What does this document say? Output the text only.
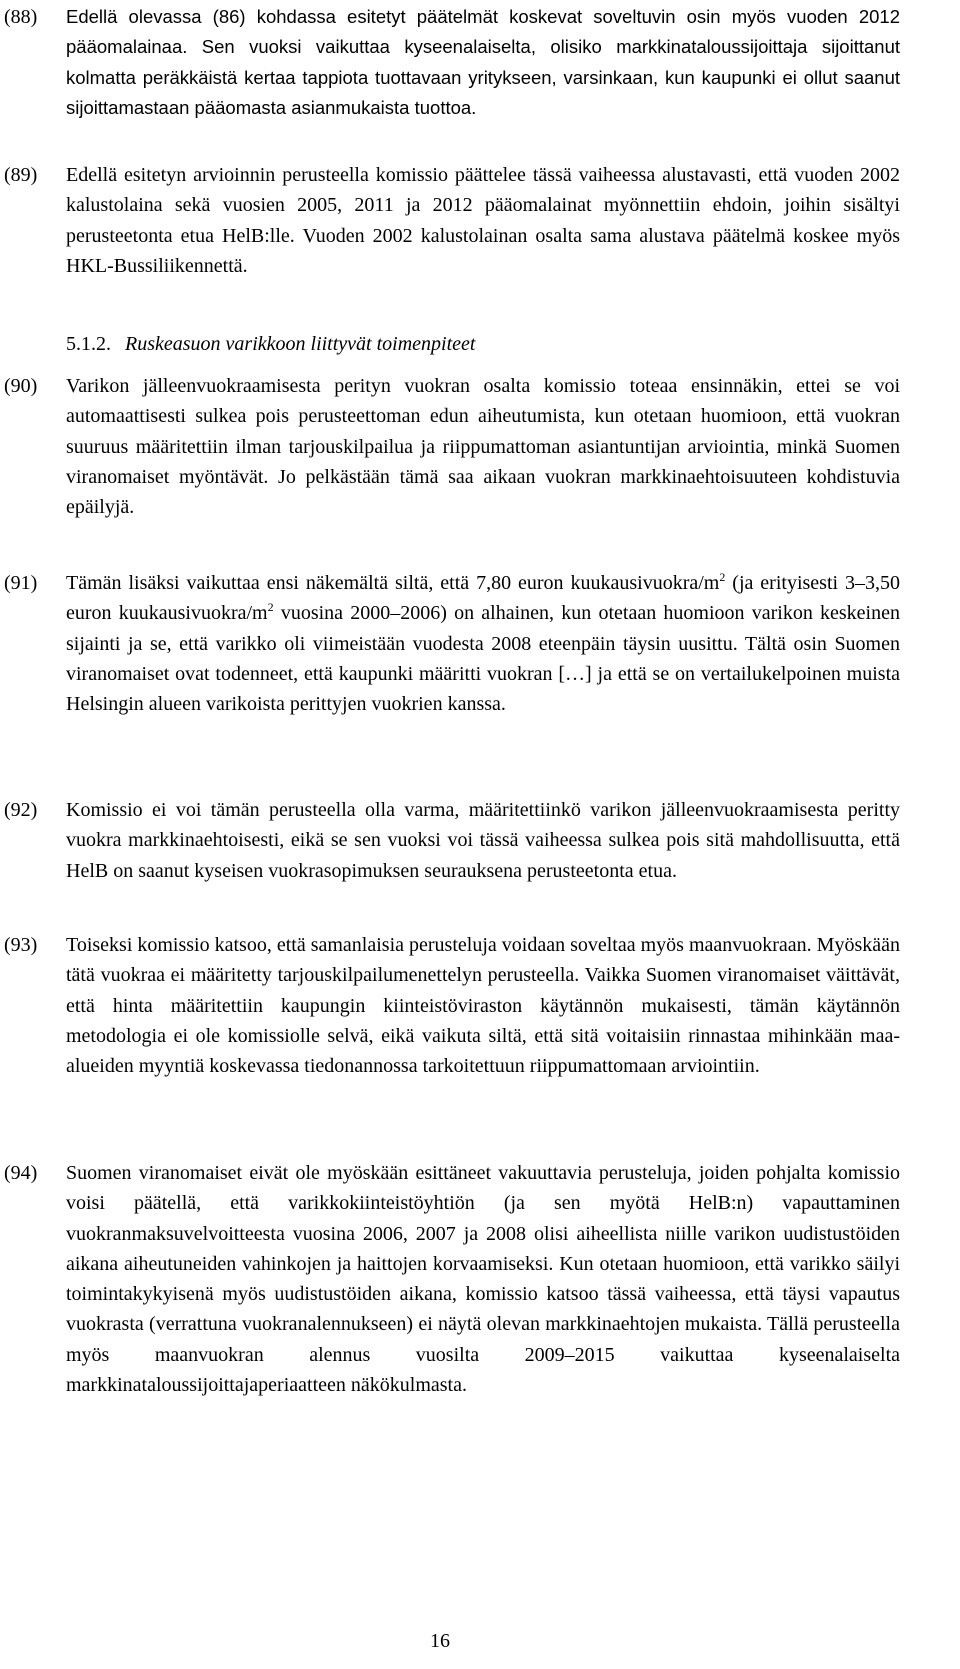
(88)	Edellä olevassa (86) kohdassa esitetyt päätelmät koskevat soveltuvin osin myös vuoden 2012 pääomalainaa. Sen vuoksi vaikuttaa kyseenalaiselta, olisiko markkinataloussijoittaja sijoittanut kolmatta peräkkäistä kertaa tappiota tuottavaan yritykseen, varsinkaan, kun kaupunki ei ollut saanut sijoittamastaan pääomasta asianmukaista tuottoa.

(89)	Edellä esitetyn arvioinnin perusteella komissio päättelee tässä vaiheessa alustavasti, että vuoden 2002 kalustolaina sekä vuosien 2005, 2011 ja 2012 pääomalainat myönnettiin ehdoin, joihin sisältyi perusteetonta etua HelB:lle. Vuoden 2002 kalustolainan osalta sama alustava päätelmä koskee myös HKL-Bussiliikennettä.

5.1.2. Ruskeasuon varikkoon liittyvät toimenpiteet
(90)	Varikon jälleenvuokraamisesta perityn vuokran osalta komissio toteaa ensinnäkin, ettei se voi automaattisesti sulkea pois perusteettoman edun aiheutumista, kun otetaan huomioon, että vuokran suuruus määritettiin ilman tarjouskilpailua ja riippumattoman asiantuntijan arviointia, minkä Suomen viranomaiset myöntävät. Jo pelkästään tämä saa aikaan vuokran markkinaehtoisuuteen kohdistuvia epäilyjä.

(91)	Tämän lisäksi vaikuttaa ensi näkemältä siltä, että 7,80 euron kuukausivuokra/$m^2$ (ja erityisesti 3–3,50 euron kuukausivuokra/$m^2$ vuosina 2000–2006) on alhainen, kun otetaan huomioon varikon keskeinen sijainti ja se, että varikko oli viimeistään vuodesta 2008 eteenpäin täysin uusittu. Tältä osin Suomen viranomaiset ovat todenneet, että kaupunki määritti vuokran […] ja että se on vertailukelpoinen muista Helsingin alueen varikoista perittyjen vuokrien kanssa.

(92)	Komissio ei voi tämän perusteella olla varma, määritettiinkö varikon jälleenvuokraamisesta peritty vuokra markkinaehtoisesti, eikä se sen vuoksi voi tässä vaiheessa sulkea pois sitä mahdollisuutta, että HelB on saanut kyseisen vuokrasopimuksen seurauksena perusteetonta etua.

(93)	Toiseksi komissio katsoo, että samanlaisia perusteluja voidaan soveltaa myös maanvuokraan. Myöskään tätä vuokraa ei määritetty tarjouskilpailumenettelyn perusteella. Vaikka Suomen viranomaiset väittävät, että hinta määritettiin kaupungin kiinteistöviraston käytännön mukaisesti, tämän käytännön metodologia ei ole komissiolle selvä, eikä vaikuta siltä, että sitä voitaisiin rinnastaa mihinkään maa-alueiden myyntiä koskevassa tiedonannossa tarkoitettuun riippumattomaan arviointiin.

(94)	Suomen viranomaiset eivät ole myöskään esittäneet vakuuttavia perusteluja, joiden pohjalta komissio voisi päätellä, että varikkokiinteistöyhtiön (ja sen myötä HelB:n) vapauttaminen vuokranmaksuvelvoitteesta vuosina 2006, 2007 ja 2008 olisi aiheellista niille varikon uudistustöiden aikana aiheutuneiden vahinkojen ja haittojen korvaamiseksi. Kun otetaan huomioon, että varikko säilyi toimintakykyisenä myös uudistustöiden aikana, komissio katsoo tässä vaiheessa, että täysi vapautus vuokrasta (verrattuna vuokranalennukseen) ei näytä olevan markkinaehtojen mukaista. Tällä perusteella myös maanvuokran alennus vuosilta 2009–2015 vaikuttaa kyseenalaiselta markkinataloussijoittajaperiaatteen näkökulmasta.

16
